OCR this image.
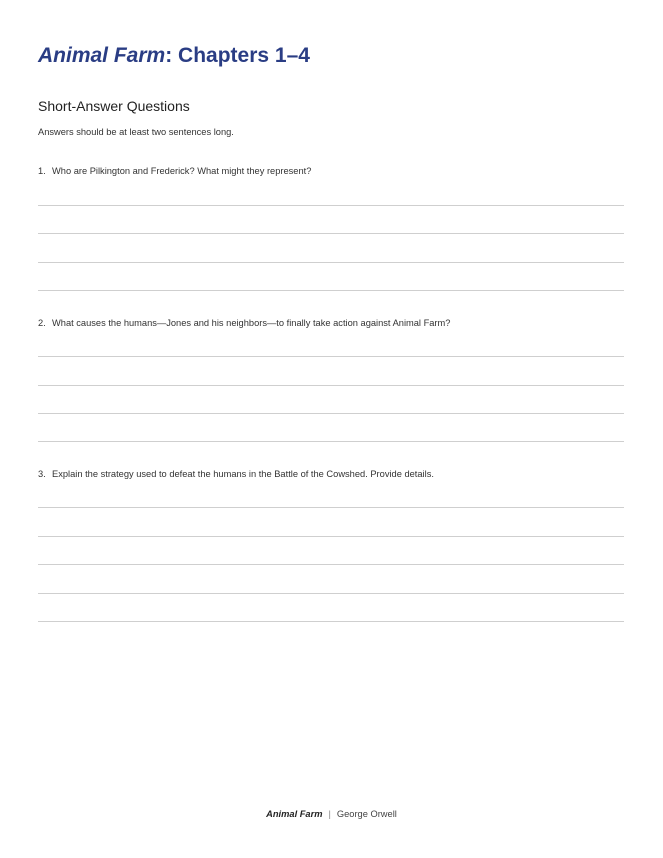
Animal Farm: Chapters 1–4
Short-Answer Questions

Answers should be at least two sentences long.

1. Who are Pilkington and Frederick? What might they represent?

2. What causes the humans—Jones and his neighbors—to finally take action against Animal Farm?

3. Explain the strategy used to defeat the humans in the Battle of the Cowshed. Provide details.

Animal Farm | George Orwell
